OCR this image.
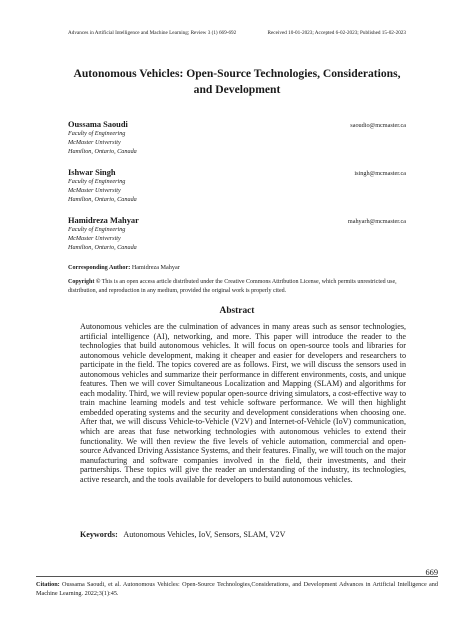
Advances in Artificial Intelligence and Machine Learning; Review 3 (1) 669-692	Received 10-01-2023; Accepted 6-02-2023; Published 15-02-2023
Autonomous Vehicles: Open-Source Technologies, Considerations,
and Development
Oussama Saoudi	saoudio@mcmaster.ca
Faculty of Engineering
McMaster University
Hamilton, Ontario, Canada
Ishwar Singh	isingh@mcmaster.ca
Faculty of Engineering
McMaster University
Hamilton, Ontario, Canada
Hamidreza Mahyar	mahyarh@mcmaster.ca
Faculty of Engineering
McMaster University
Hamilton, Ontario, Canada
Corresponding Author: Hamidreza Mahyar
Copyright © This is an open access article distributed under the Creative Commons Attribution License, which permits unrestricted use, distribution, and reproduction in any medium, provided the original work is properly cited.
Abstract
Autonomous vehicles are the culmination of advances in many areas such as sensor technologies, artificial intelligence (AI), networking, and more. This paper will introduce the reader to the technologies that build autonomous vehicles. It will focus on open-source tools and libraries for autonomous vehicle development, making it cheaper and easier for developers and researchers to participate in the field. The topics covered are as follows. First, we will discuss the sensors used in autonomous vehicles and summarize their performance in different environments, costs, and unique features. Then we will cover Simultaneous Localization and Mapping (SLAM) and algorithms for each modality. Third, we will review popular open-source driving simulators, a cost-effective way to train machine learning models and test vehicle software performance. We will then highlight embedded operating systems and the security and development considerations when choosing one. After that, we will discuss Vehicle-to-Vehicle (V2V) and Internet-of-Vehicle (IoV) communication, which are areas that fuse networking technologies with autonomous vehicles to extend their functionality. We will then review the five levels of vehicle automation, commercial and open-source Advanced Driving Assistance Systems, and their features. Finally, we will touch on the major manufacturing and software companies involved in the field, their investments, and their partnerships. These topics will give the reader an understanding of the industry, its technologies, active research, and the tools available for developers to build autonomous vehicles.
Keywords: Autonomous Vehicles, IoV, Sensors, SLAM, V2V
669
Citation: Oussama Saoudi, et al. Autonomous Vehicles: Open-Source Technologies,Considerations, and Development Advances in Artificial Intelligence and Machine Learning. 2022;3(1):45.
